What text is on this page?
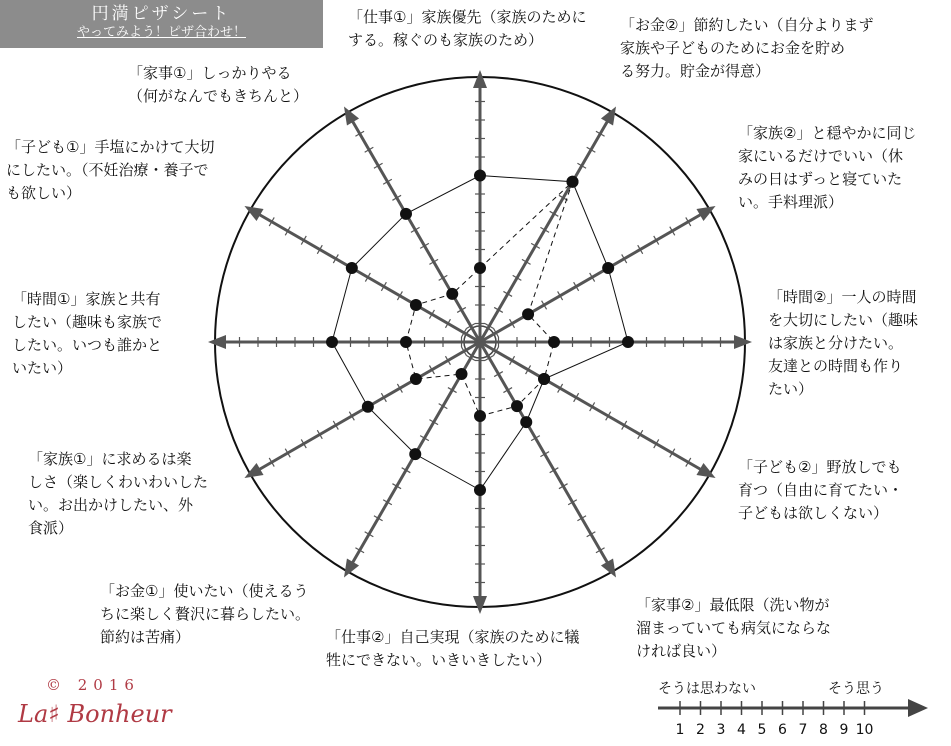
円満ピザシート
やってみよう！ピザ合わせ！
「仕事①」家族優先（家族のために
する。稼ぐのも家族のため）
「お金②」節約したい（自分よりまず
家族や子どものためにお金を貯め
る努力。貯金が得意）
「家事①」しっかりやる
（何がなんでもきちんと）
「家族②」と穏やかに同じ
家にいるだけでいい（休
みの日はずっと寝ていた
い。手料理派）
「子ども①」手塩にかけて大切
にしたい。（不妊治療・養子で
も欲しい）
「時間②」一人の時間
を大切にしたい（趣味
は家族と分けたい。
友達との時間も作り
たい）
「時間①」家族と共有
したい（趣味も家族で
したい。いつも誰かと
いたい）
「子ども②」野放しでも
育つ（自由に育てたい・
子どもは欲しくない）
「家族①」に求めるは楽
しさ（楽しくわいわいした
い。お出かけしたい、外
食派）
「お金①」使いたい（使えるう
ちに楽しく贅沢に暮らしたい。
節約は苦痛）	「仕事②」自己実現（家族のために犠
牲にできない。いきいきしたい）
「家事②」最低限（洗い物が
溜まっていても病気にならな
ければ良い）
© 2016
La♯ Bonheur
そうは思わない	そう思う
1 2 3 4 5 6 7 8 9 10
